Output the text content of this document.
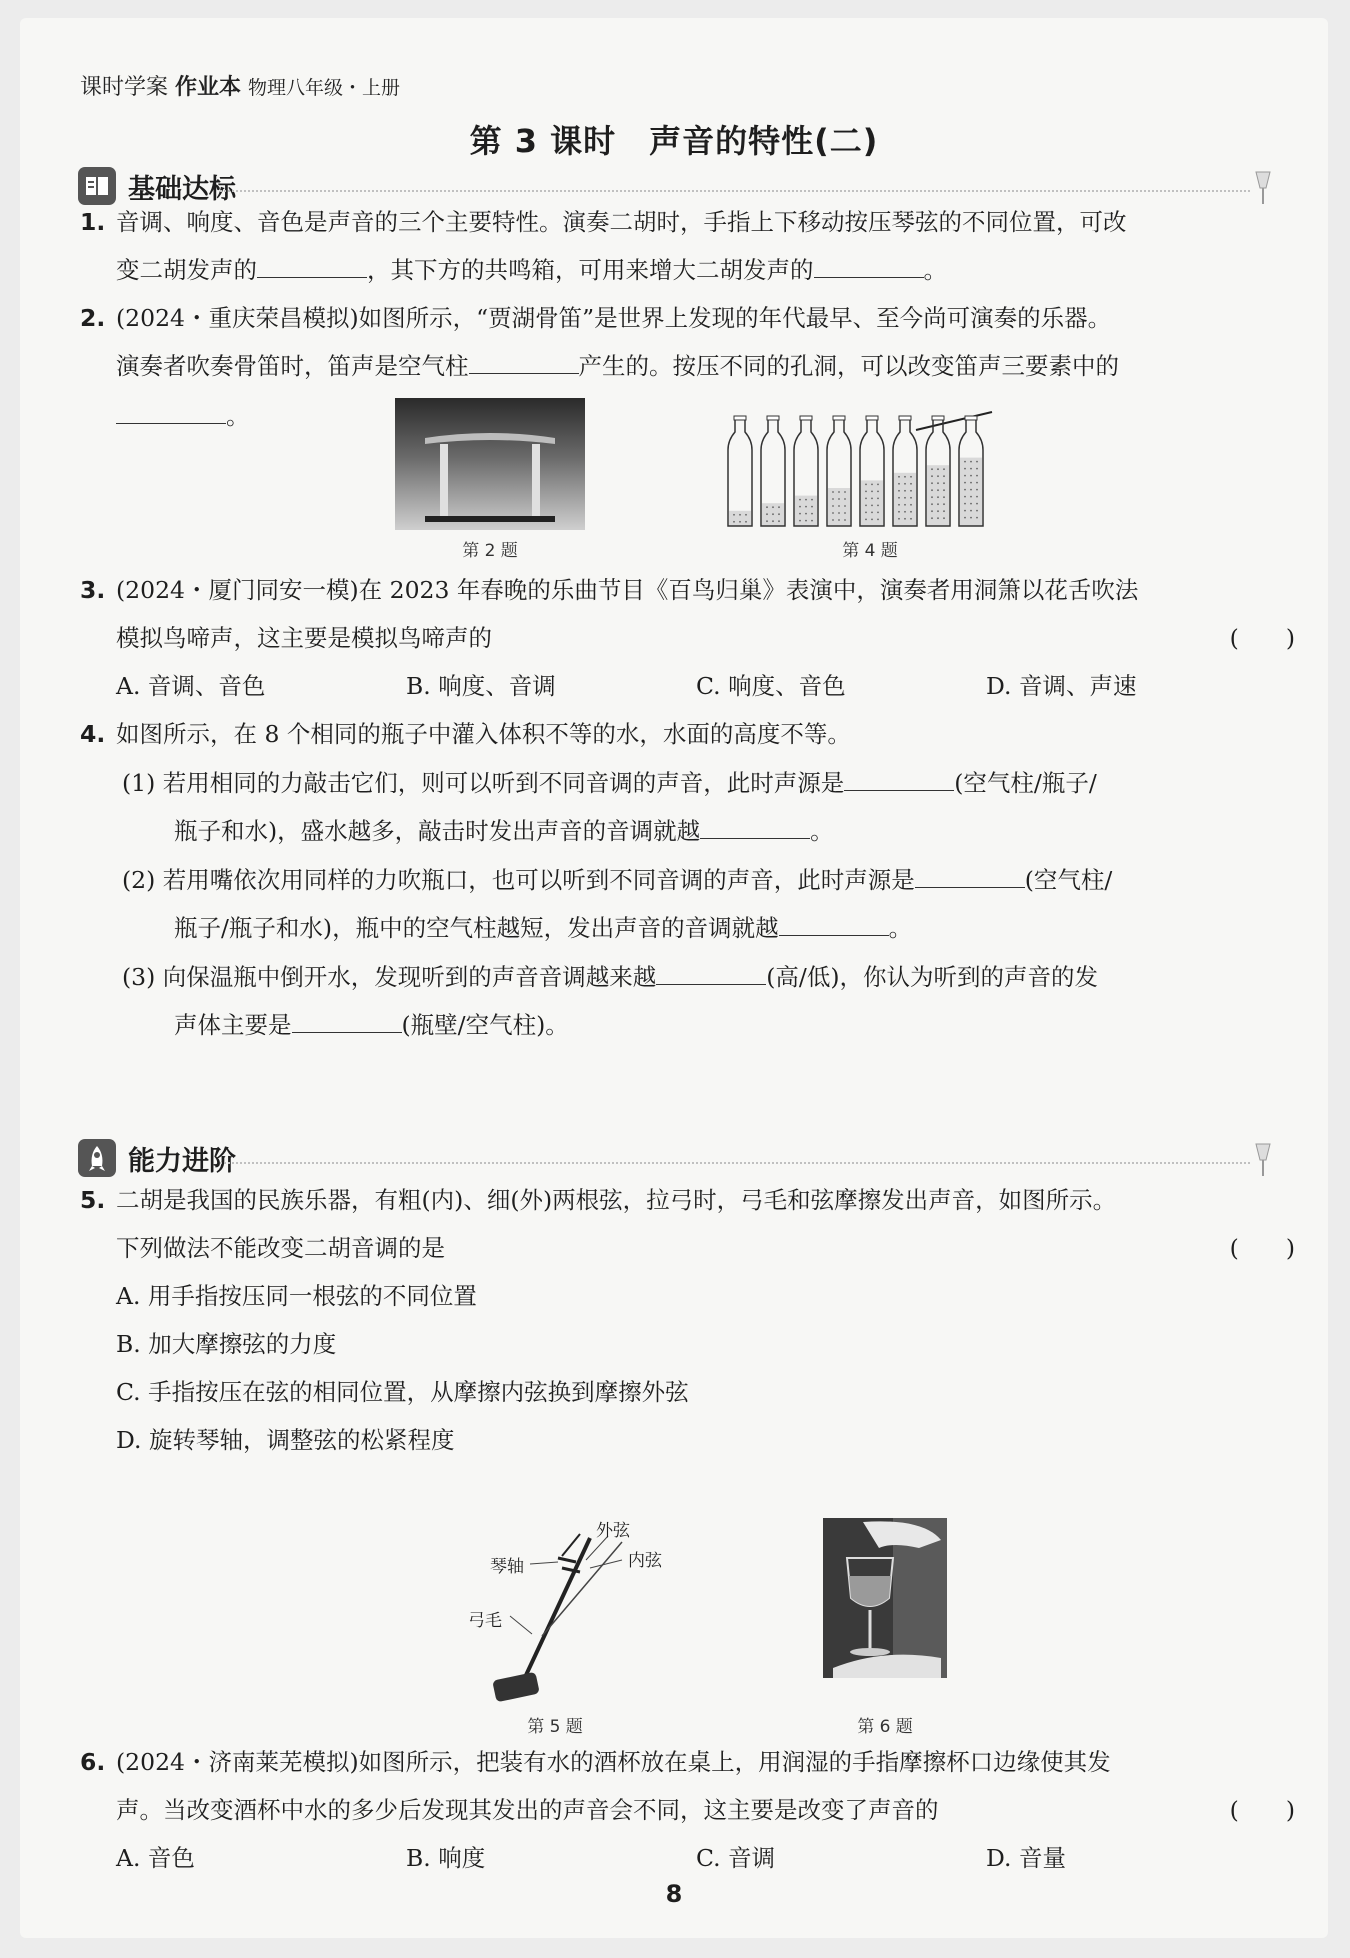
课时学案 作业本 物理八年级・上册
第 3 课时　声音的特性(二)
基础达标
1. 音调、响度、音色是声音的三个主要特性。演奏二胡时，手指上下移动按压琴弦的不同位置，可改
变二胡发声的	，其下方的共鸣箱，可用来增大二胡发声的	。
2. (2024・重庆荣昌模拟)如图所示，“贾湖骨笛”是世界上发现的年代最早、至今尚可演奏的乐器。
演奏者吹奏骨笛时，笛声是空气柱	产生的。按压不同的孔洞，可以改变笛声三要素中的
。
第 2 题	第 4 题
3. (2024・厦门同安一模)在 2023 年春晚的乐曲节目《百鸟归巢》表演中，演奏者用洞箫以花舌吹法
模拟鸟啼声，这主要是模拟鸟啼声的	(　　)
A. 音调、音色	B. 响度、音调	C. 响度、音色	D. 音调、声速
4. 如图所示，在 8 个相同的瓶子中灌入体积不等的水，水面的高度不等。
(1) 若用相同的力敲击它们，则可以听到不同音调的声音，此时声源是	(空气柱/瓶子/
瓶子和水)，盛水越多，敲击时发出声音的音调就越	。
(2) 若用嘴依次用同样的力吹瓶口，也可以听到不同音调的声音，此时声源是	(空气柱/
瓶子/瓶子和水)，瓶中的空气柱越短，发出声音的音调就越	。
(3) 向保温瓶中倒开水，发现听到的声音音调越来越	(高/低)，你认为听到的声音的发
声体主要是	(瓶壁/空气柱)。
能力进阶
5. 二胡是我国的民族乐器，有粗(内)、细(外)两根弦，拉弓时，弓毛和弦摩擦发出声音，如图所示。
下列做法不能改变二胡音调的是	(　　)
A. 用手指按压同一根弦的不同位置
B. 加大摩擦弦的力度
C. 手指按压在弦的相同位置，从摩擦内弦换到摩擦外弦
D. 旋转琴轴，调整弦的松紧程度
外弦
内弦
琴轴
弓毛
第 5 题	第 6 题
6. (2024・济南莱芜模拟)如图所示，把装有水的酒杯放在桌上，用润湿的手指摩擦杯口边缘使其发
声。当改变酒杯中水的多少后发现其发出的声音会不同，这主要是改变了声音的	(　　)
A. 音色	B. 响度	C. 音调	D. 音量
8
